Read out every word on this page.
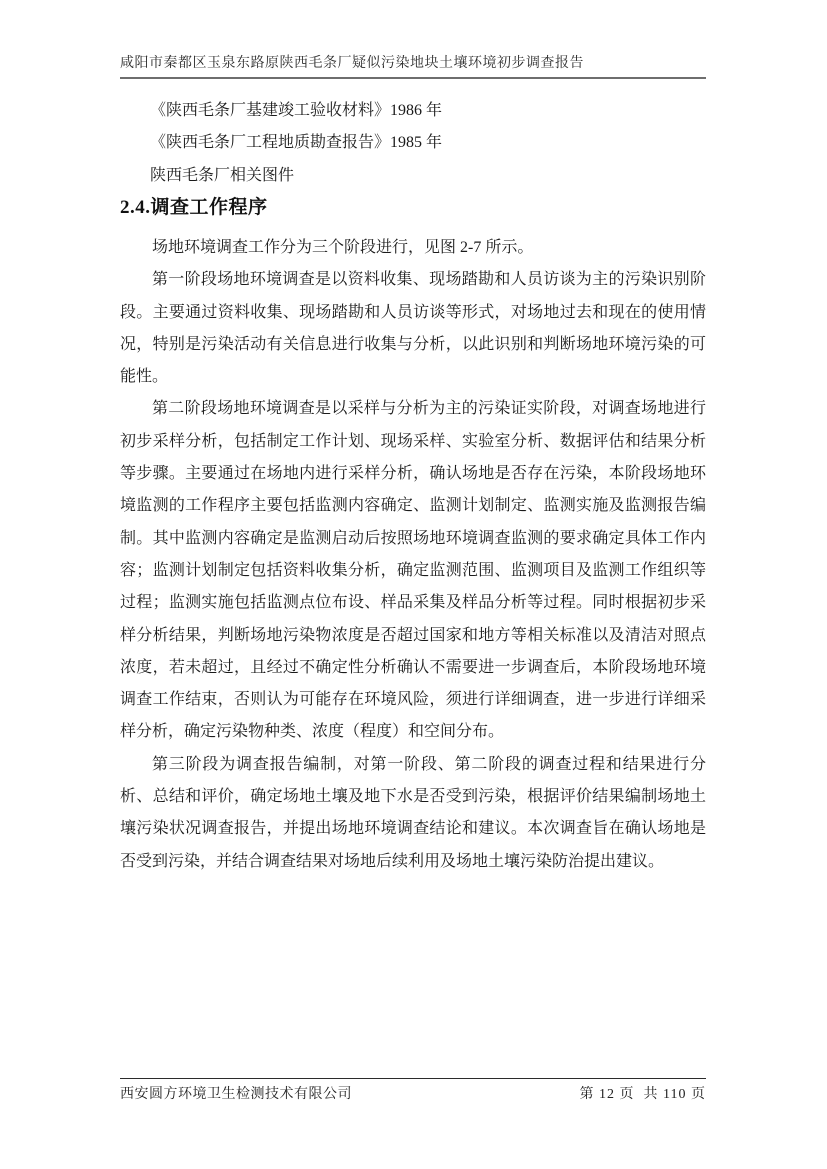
咸阳市秦都区玉泉东路原陕西毛条厂疑似污染地块土壤环境初步调查报告
《陕西毛条厂基建竣工验收材料》1986 年
《陕西毛条厂工程地质勘查报告》1985 年
陕西毛条厂相关图件
2.4.调查工作程序

场地环境调查工作分为三个阶段进行，见图 2-7 所示。

第一阶段场地环境调查是以资料收集、现场踏勘和人员访谈为主的污染识别阶段。主要通过资料收集、现场踏勘和人员访谈等形式，对场地过去和现在的使用情况，特别是污染活动有关信息进行收集与分析，以此识别和判断场地环境污染的可能性。

第二阶段场地环境调查是以采样与分析为主的污染证实阶段，对调查场地进行初步采样分析，包括制定工作计划、现场采样、实验室分析、数据评估和结果分析等步骤。主要通过在场地内进行采样分析，确认场地是否存在污染，本阶段场地环境监测的工作程序主要包括监测内容确定、监测计划制定、监测实施及监测报告编制。其中监测内容确定是监测启动后按照场地环境调查监测的要求确定具体工作内容；监测计划制定包括资料收集分析，确定监测范围、监测项目及监测工作组织等过程；监测实施包括监测点位布设、样品采集及样品分析等过程。同时根据初步采样分析结果，判断场地污染物浓度是否超过国家和地方等相关标准以及清洁对照点浓度，若未超过，且经过不确定性分析确认不需要进一步调查后，本阶段场地环境调查工作结束，否则认为可能存在环境风险，须进行详细调查，进一步进行详细采样分析，确定污染物种类、浓度（程度）和空间分布。

第三阶段为调查报告编制，对第一阶段、第二阶段的调查过程和结果进行分析、总结和评价，确定场地土壤及地下水是否受到污染，根据评价结果编制场地土壤污染状况调查报告，并提出场地环境调查结论和建议。本次调查旨在确认场地是否受到污染，并结合调查结果对场地后续利用及场地土壤污染防治提出建议。

西安圆方环境卫生检测技术有限公司	第 12 页  共 110 页
